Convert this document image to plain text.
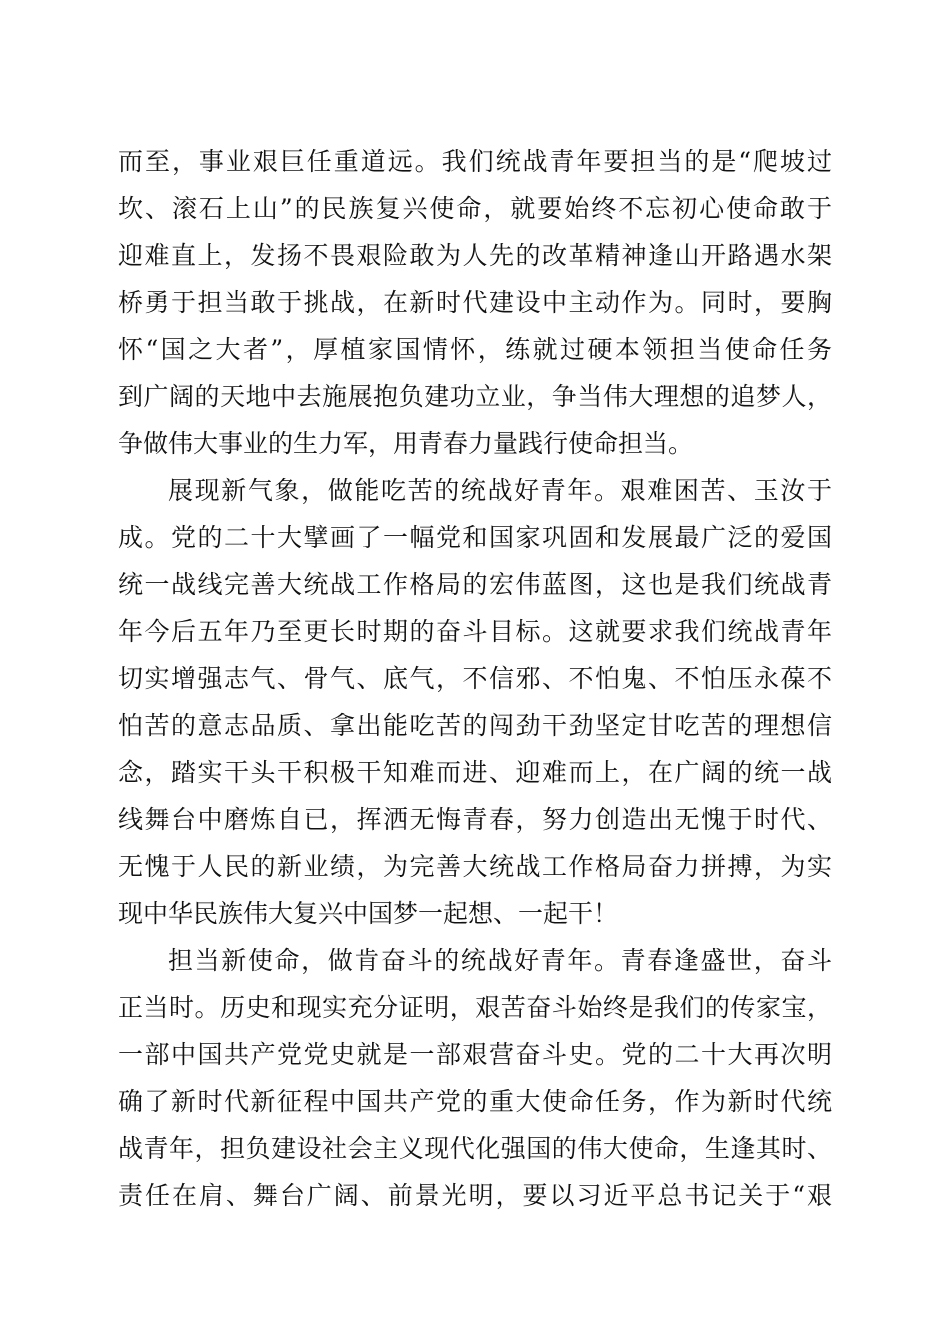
而至，事业艰巨任重道远。我们统战青年要担当的是“爬坡过
坎、滚石上山”的民族复兴使命，就要始终不忘初心使命敢于
迎难直上，发扬不畏艰险敢为人先的改革精神逢山开路遇水架
桥勇于担当敢于挑战，在新时代建设中主动作为。同时，要胸
怀“国之大者”，厚植家国情怀，练就过硬本领担当使命任务
到广阔的天地中去施展抱负建功立业，争当伟大理想的追梦人，
争做伟大事业的生力军，用青春力量践行使命担当。
展现新气象，做能吃苦的统战好青年。艰难困苦、玉汝于
成。党的二十大擘画了一幅党和国家巩固和发展最广泛的爱国
统一战线完善大统战工作格局的宏伟蓝图，这也是我们统战青
年今后五年乃至更长时期的奋斗目标。这就要求我们统战青年
切实增强志气、骨气、底气，不信邪、不怕鬼、不怕压永葆不
怕苦的意志品质、拿出能吃苦的闯劲干劲坚定甘吃苦的理想信
念，踏实干头干积极干知难而进、迎难而上，在广阔的统一战
线舞台中磨炼自已，挥洒无悔青春，努力创造出无愧于时代、
无愧于人民的新业绩，为完善大统战工作格局奋力拼搏，为实
现中华民族伟大复兴中国梦一起想、一起干！
担当新使命，做肯奋斗的统战好青年。青春逢盛世，奋斗
正当时。历史和现实充分证明，艰苦奋斗始终是我们的传家宝，
一部中国共产党党史就是一部艰营奋斗史。党的二十大再次明
确了新时代新征程中国共产党的重大使命任务，作为新时代统
战青年，担负建设社会主义现代化强国的伟大使命，生逢其时、
责任在肩、舞台广阔、前景光明，要以习近平总书记关于“艰
